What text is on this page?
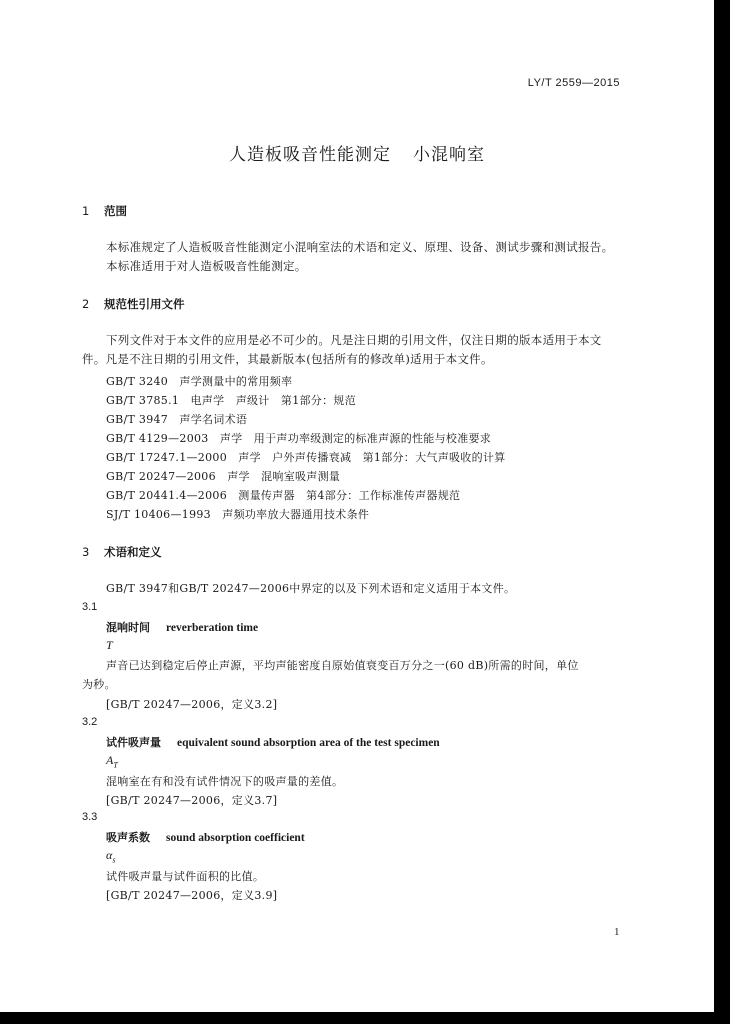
LY/T 2559—2015
人造板吸音性能测定 小混响室
1 范围
本标准规定了人造板吸音性能测定小混响室法的术语和定义、原理、设备、测试步骤和测试报告。
本标准适用于对人造板吸音性能测定。
2 规范性引用文件
下列文件对于本文件的应用是必不可少的。凡是注日期的引用文件，仅注日期的版本适用于本文
件。凡是不注日期的引用文件，其最新版本(包括所有的修改单)适用于本文件。
GB/T 3240　声学测量中的常用频率
GB/T 3785.1　电声学　声级计　第1部分：规范
GB/T 3947　声学名词术语
GB/T 4129—2003　声学　用于声功率级测定的标准声源的性能与校准要求
GB/T 17247.1—2000　声学　户外声传播衰减　第1部分：大气声吸收的计算
GB/T 20247—2006　声学　混响室吸声测量
GB/T 20441.4—2006　测量传声器　第4部分：工作标准传声器规范
SJ/T 10406—1993　声频功率放大器通用技术条件
3 术语和定义
GB/T 3947和GB/T 20247—2006中界定的以及下列术语和定义适用于本文件。
3.1
混响时间 reverberation time
T
声音已达到稳定后停止声源，平均声能密度自原始值衰变百万分之一(60 dB)所需的时间，单位
为秒。
[GB/T 20247—2006，定义3.2]
3.2
试件吸声量 equivalent sound absorption area of the test specimen
$A_T$
混响室在有和没有试件情况下的吸声量的差值。
[GB/T 20247—2006，定义3.7]
3.3
吸声系数 sound absorption coefficient
$\alpha_s$
试件吸声量与试件面积的比值。
[GB/T 20247—2006，定义3.9]
1
